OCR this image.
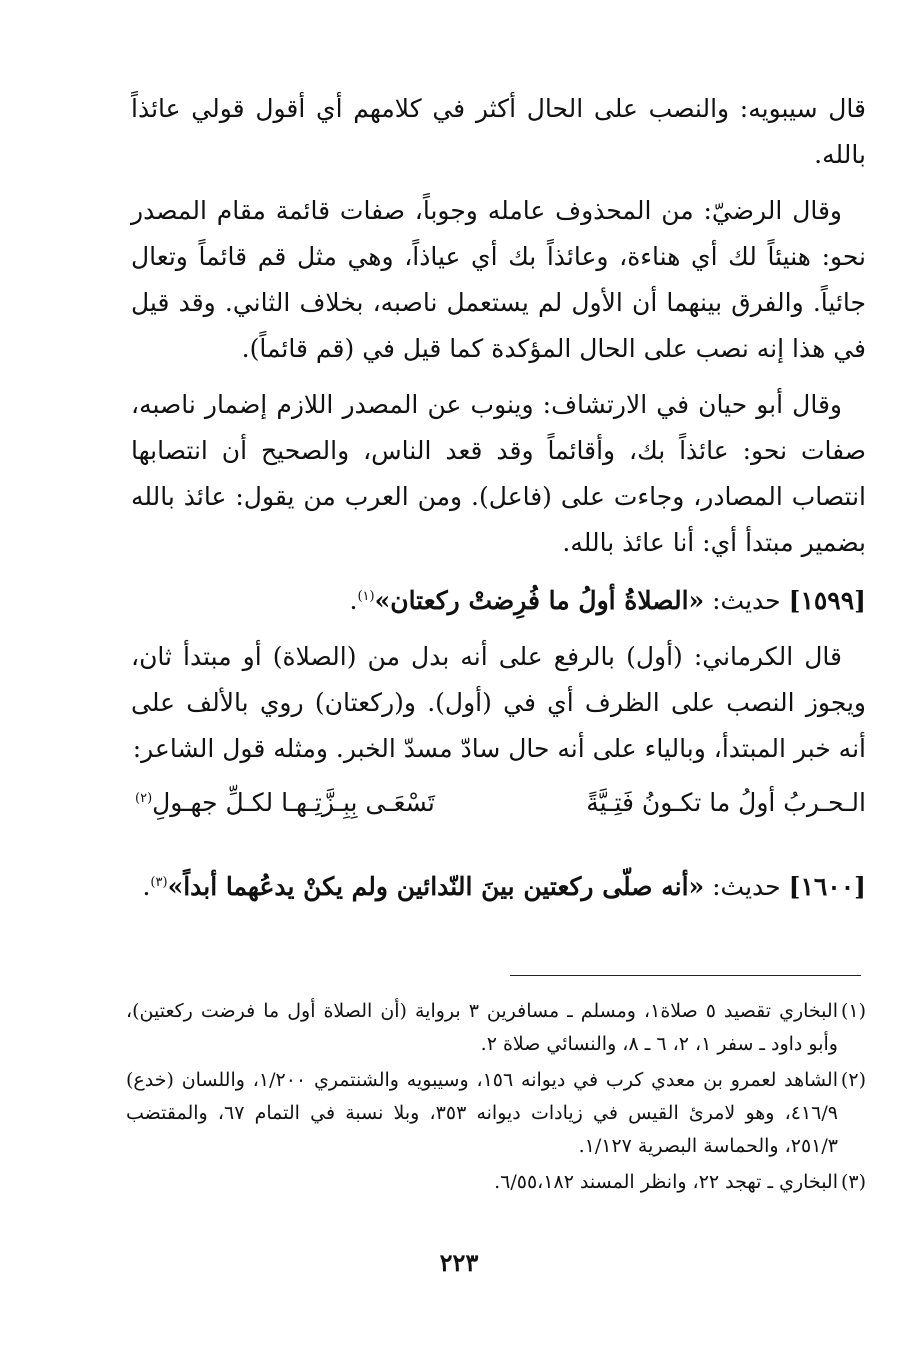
قال سيبويه: والنصب على الحال أكثر في كلامهم أي أقول قولي عائذاً بالله.

وقال الرضيّ: من المحذوف عامله وجوباً، صفات قائمة مقام المصدر نحو: هنيئاً لك أي هناءة، وعائذاً بك أي عياذاً، وهي مثل قم قائماً وتعال جائياً. والفرق بينهما أن الأول لم يستعمل ناصبه، بخلاف الثاني. وقد قيل في هذا إنه نصب على الحال المؤكدة كما قيل في (قم قائماً).

وقال أبو حيان في الارتشاف: وينوب عن المصدر اللازم إضمار ناصبه، صفات نحو: عائذاً بك، وأقائماً وقد قعد الناس، والصحيح أن انتصابها انتصاب المصادر، وجاءت على (فاعل). ومن العرب من يقول: عائذ بالله بضمير مبتدأ أي: أنا عائذ بالله.

[١٥٩٩] حديث: «الصلاةُ أولُ ما فُرِضتْ ركعتان»$^{(١)}$.

قال الكرماني: (أول) بالرفع على أنه بدل من (الصلاة) أو مبتدأ ثان، ويجوز النصب على الظرف أي في (أول). و(ركعتان) روي بالألف على أنه خبر المبتدأ، وبالياء على أنه حال سادّ مسدّ الخبر. ومثله قول الشاعر:

الـحـربُ أولُ ما تكـونُ فَتِـيَّةً
تَسْعَـى بِبِـزَّتِـهـا لكـلِّ جهـولِ$^{(٢)}$

[١٦٠٠] حديث: «أنه صلّى ركعتين بينَ النّدائين ولم يكنْ يدعُهما أبداً»$^{(٣)}$.

(١)البخاري تقصيد ٥ صلاة١، ومسلم ـ مسافرين ٣ برواية (أن الصلاة أول ما فرضت ركعتين)، وأبو داود ـ سفر ١، ٢، ٦ ـ ٨، والنسائي صلاة ٢.

(٢)الشاهد لعمرو بن معدي كرب في ديوانه ١٥٦، وسيبويه والشنتمري ١/٢٠٠، واللسان (خدع) ٤١٦/٩، وهو لامرئ القيس في زيادات ديوانه ٣٥٣، وبلا نسبة في التمام ٦٧، والمقتضب ٢٥١/٣، والحماسة البصرية ١/١٢٧.

(٣)البخاري ـ تهجد ٢٢، وانظر المسند ٦/٥٥،١٨٢.

٢٢٣
